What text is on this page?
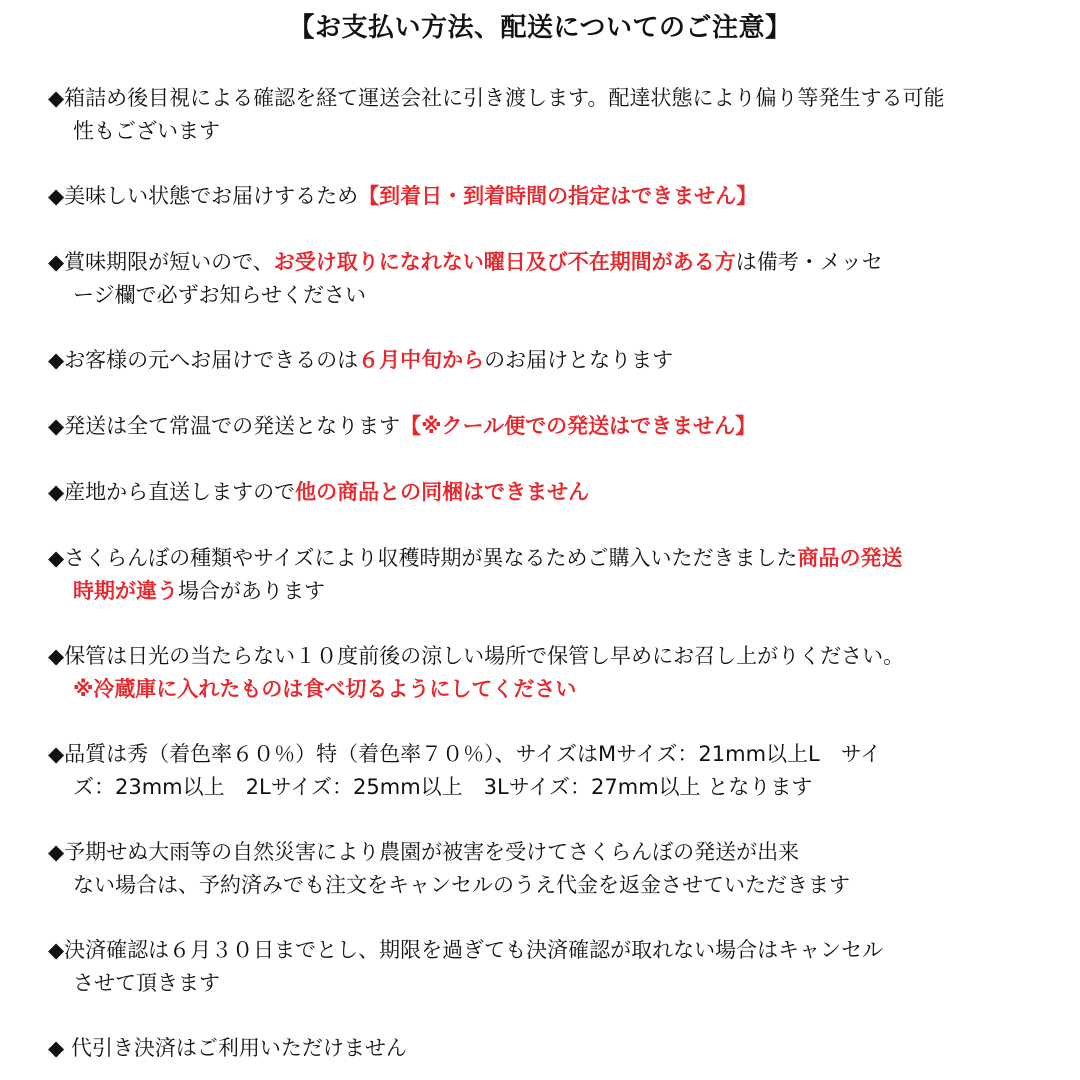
【お支払い方法、配送についてのご注意】
◆箱詰め後目視による確認を経て運送会社に引き渡します。配達状態により偏り等発生する可能
性もございます
◆美味しい状態でお届けするため【到着日・到着時間の指定はできません】
◆賞味期限が短いので、お受け取りになれない曜日及び不在期間がある方は備考・メッセ
ージ欄で必ずお知らせください
◆お客様の元へお届けできるのは６月中旬からのお届けとなります
◆発送は全て常温での発送となります【※クール便での発送はできません】
◆産地から直送しますので他の商品との同梱はできません
◆さくらんぼの種類やサイズにより収穫時期が異なるためご購入いただきました商品の発送
時期が違う場合があります
◆保管は日光の当たらない１０度前後の涼しい場所で保管し早めにお召し上がりください。
※冷蔵庫に入れたものは食べ切るようにしてください
◆品質は秀（着色率６０％）特（着色率７０％）、サイズはMサイズ：21mm以上L　サイ
ズ：23mm以上　2Lサイズ：25mm以上　3Lサイズ：27mm以上 となります
◆予期せぬ大雨等の自然災害により農園が被害を受けてさくらんぼの発送が出来
ない場合は、予約済みでも注文をキャンセルのうえ代金を返金させていただきます
◆決済確認は６月３０日までとし、期限を過ぎても決済確認が取れない場合はキャンセル
させて頂きます
◆ 代引き決済はご利用いただけません
